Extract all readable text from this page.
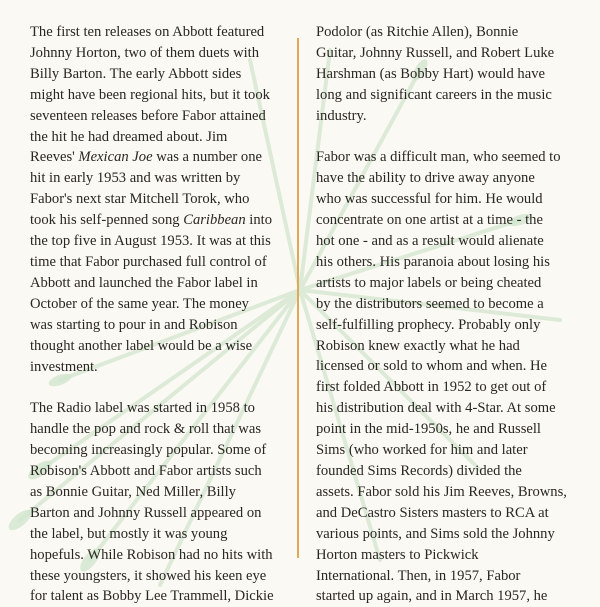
The first ten releases on Abbott featured
Johnny Horton, two of them duets with
Billy Barton. The early Abbott sides
might have been regional hits, but it took
seventeen releases before Fabor attained
the hit he had dreamed about. Jim
Reeves' Mexican Joe was a number one
hit in early 1953 and was written by
Fabor's next star Mitchell Torok, who
took his self-penned song Caribbean into
the top five in August 1953. It was at this
time that Fabor purchased full control of
Abbott and launched the Fabor label in
October of the same year. The money
was starting to pour in and Robison
thought another label would be a wise
investment.
The Radio label was started in 1958 to
handle the pop and rock & roll that was
becoming increasingly popular. Some of
Robison's Abbott and Fabor artists such
as Bonnie Guitar, Ned Miller, Billy
Barton and Johnny Russell appeared on
the label, but mostly it was young
hopefuls. While Robison had no hits with
these youngsters, it showed his keen eye
for talent as Bobby Lee Trammell, Dickie
Podolor (as Ritchie Allen), Bonnie
Guitar, Johnny Russell, and Robert Luke
Harshman (as Bobby Hart) would have
long and significant careers in the music
industry.
Fabor was a difficult man, who seemed to
have the ability to drive away anyone
who was successful for him. He would
concentrate on one artist at a time - the
hot one - and as a result would alienate
his others. His paranoia about losing his
artists to major labels or being cheated
by the distributors seemed to become a
self-fulfilling prophecy. Probably only
Robison knew exactly what he had
licensed or sold to whom and when. He
first folded Abbott in 1952 to get out of
his distribution deal with 4-Star. At some
point in the mid-1950s, he and Russell
Sims (who worked for him and later
founded Sims Records) divided the
assets. Fabor sold his Jim Reeves, Browns,
and DeCastro Sisters masters to RCA at
various points, and Sims sold the Johnny
Horton masters to Pickwick
International. Then, in 1957, Fabor
started up again, and in March 1957, he
